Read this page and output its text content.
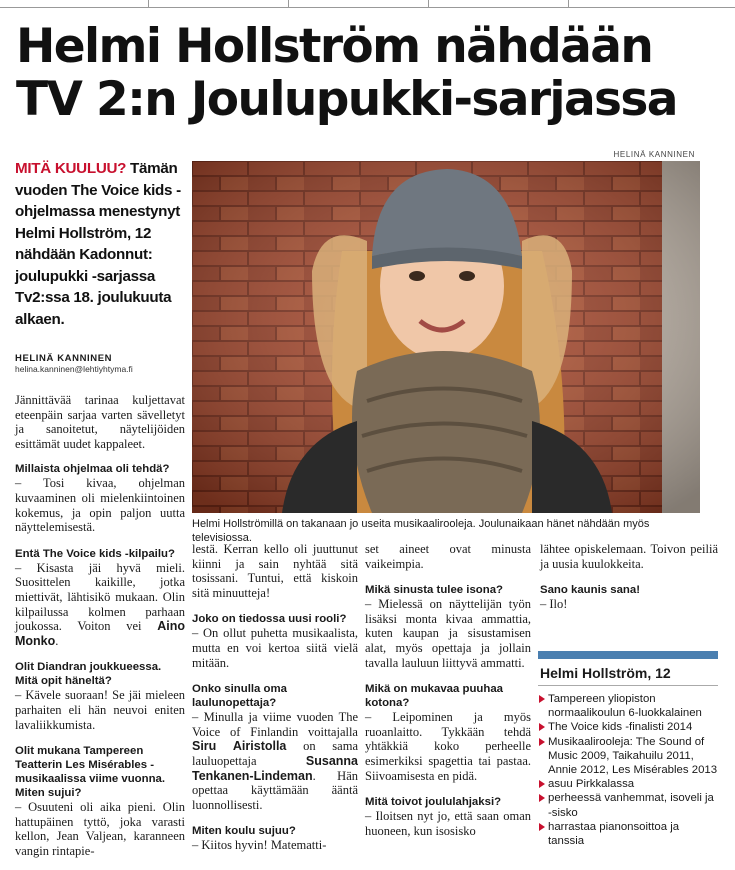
Helmi Hollström nähdään TV 2:n Joulupukki-sarjassa
HELINÄ KANNINEN
Helmi Hollströmillä on takanaan jo useita musikaalirooleja. Joulunaikaan hänet nähdään myös televisiossa.
MITÄ KUULUU? Tämän vuoden The Voice kids -ohjelmassa menestynyt Helmi Hollström, 12 nähdään Kadonnut: joulupukki -sarjassa Tv2:ssa 18. joulukuuta alkaen.
HELINÄ KANNINEN
helina.kanninen@lehtiyhtyma.fi

Jännittävää tarinaa kuljettavat eteenpäin sarjaa varten sävelletyt ja sanoitetut, näytelijöiden esittämät uudet kappaleet.

Millaista ohjelmaa oli tehdä?
– Tosi kivaa, ohjelman kuvaaminen oli mielenkiintoinen kokemus, ja opin paljon uutta näyttelemisestä.
Entä The Voice kids -kilpailu?
– Kisasta jäi hyvä mieli. Suosittelen kaikille, jotka miettivät, lähtisikö mukaan. Olin kilpailussa kolmen parhaan joukossa. Voiton vei Aino Monko.
Olit Diandran joukkueessa. Mitä opit häneltä?
– Kävele suoraan! Se jäi mieleen parhaiten eli hän neuvoi eniten lavaliikkumista.
Olit mukana Tampereen Teatterin Les Misérables -musikaalissa viime vuonna. Miten sujui?
– Osuuteni oli aika pieni. Olin hattupäinen tyttö, joka varasti kellon, Jean Valjean, karanneen vangin rintapie-
lestä. Kerran kello oli juuttunut kiinni ja sain nyhtää sitä tosissani. Tuntui, että kiskoin sitä minuutteja!
Joko on tiedossa uusi rooli?
– On ollut puhetta musikaalista, mutta en voi kertoa siitä vielä mitään.
Onko sinulla oma laulunopettaja?
– Minulla ja viime vuoden The Voice of Finlandin voittajalla Siru Airistolla on sama lauluopettaja Susanna Tenkanen-Lindeman. Hän opettaa käyttämään ääntä luonnollisesti.
Miten koulu sujuu?
– Kiitos hyvin! Matematti-
set aineet ovat minusta vaikeimpia.
Mikä sinusta tulee isona?
– Mielessä on näyttelijän työn lisäksi monta kivaa ammattia, kuten kaupan ja sisustamisen alat, myös opettaja ja jollain tavalla lauluun liittyvä ammatti.
Mikä on mukavaa puuhaa kotona?
– Leipominen ja myös ruoanlaitto. Tykkään tehdä yhtäkkiä koko perheelle esimerkiksi spagettia tai pastaa. Siivoamisesta en pidä.
Mitä toivot joululahjaksi?
– Iloitsen nyt jo, että saan oman huoneen, kun isosisko
lähtee opiskelemaan. Toivon peiliä ja uusia kuulokkeita.
Sano kaunis sana!
– Ilo!
Helmi Hollström, 12
Tampereen yliopiston normaalikoulun 6-luokkalainen
The Voice kids -finalisti 2014
Musikaalirooleja: The Sound of Music 2009, Taikahuilu 2011, Annie 2012, Les Misérables 2013
asuu Pirkkalassa
perheessä vanhemmat, isoveli ja -sisko
harrastaa pianonsoittoa ja tanssia
